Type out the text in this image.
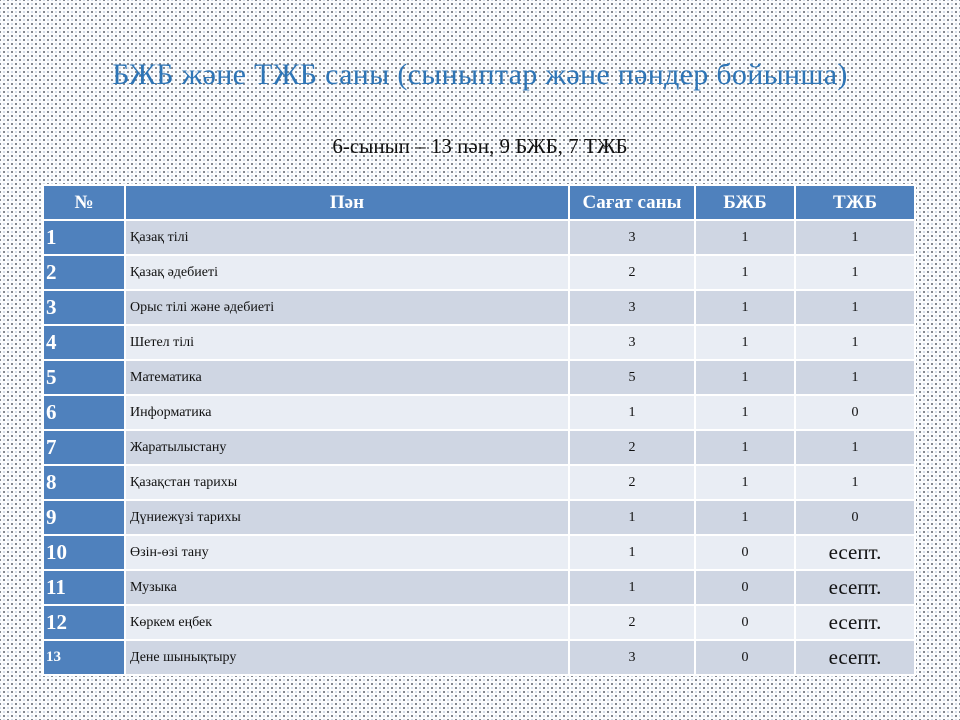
БЖБ және ТЖБ саны (сыныптар және пәндер бойынша)
6-сынып – 13 пән, 9 БЖБ, 7 ТЖБ
№	Пән	Сағат саны	БЖБ	ТЖБ
1	Қазақ тілі	3	1	1
2	Қазақ әдебиеті	2	1	1
3	Орыс тілі және әдебиеті	3	1	1
4	Шетел тілі	3	1	1
5	Математика	5	1	1
6	Информатика	1	1	0
7	Жаратылыстану	2	1	1
8	Қазақстан тарихы	2	1	1
9	Дүниежүзі тарихы	1	1	0
10	Өзін-өзі тану	1	0	есепт.
11	Музыка	1	0	есепт.
12	Көркем еңбек	2	0	есепт.
13	Дене шынықтыру	3	0	есепт.
